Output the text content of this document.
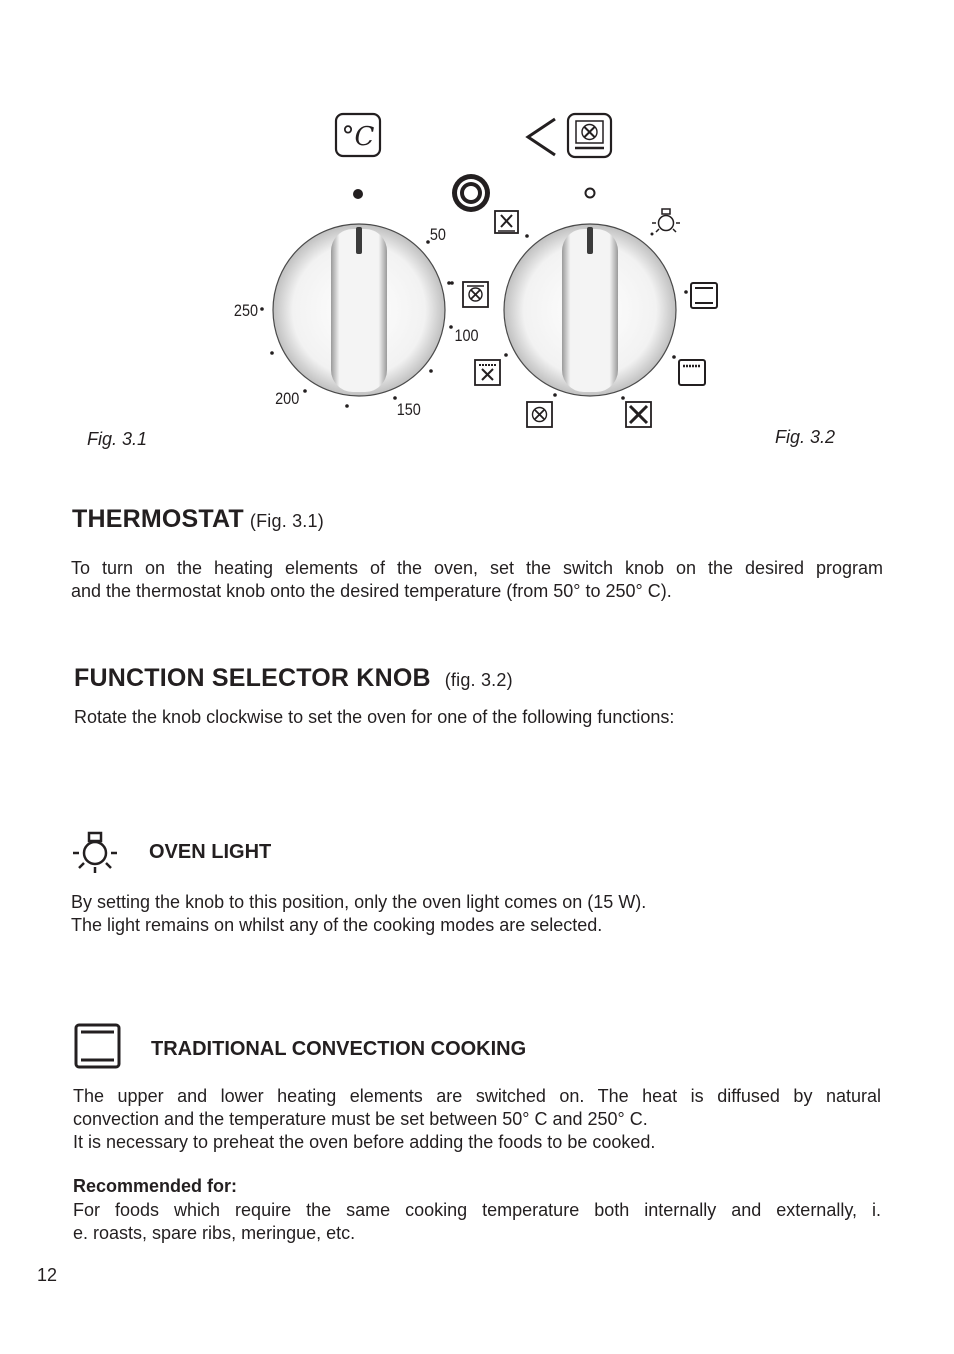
°C
50
100
150
200
250
Fig. 3.1	Fig. 3.2
THERMOSTAT (Fig. 3.1)
To turn on the heating elements of the oven, set the switch knob on the desired program
and the thermostat knob onto the desired temperature (from 50° to 250° C).
FUNCTION SELECTOR KNOB (fig. 3.2)
Rotate the knob clockwise to set the oven for one of the following functions:
OVEN LIGHT
By setting the knob to this position, only the oven light comes on (15 W).
The light remains on whilst any of the cooking modes are selected.
TRADITIONAL CONVECTION COOKING
The upper and lower heating elements are switched on. The heat is diffused by natural
convection and the temperature must be set between 50° C and 250° C.
It is necessary to preheat the oven before adding the foods to be cooked.
Recommended for:
For foods which require the same cooking temperature both internally and externally, i.
e. roasts, spare ribs, meringue, etc.
12
